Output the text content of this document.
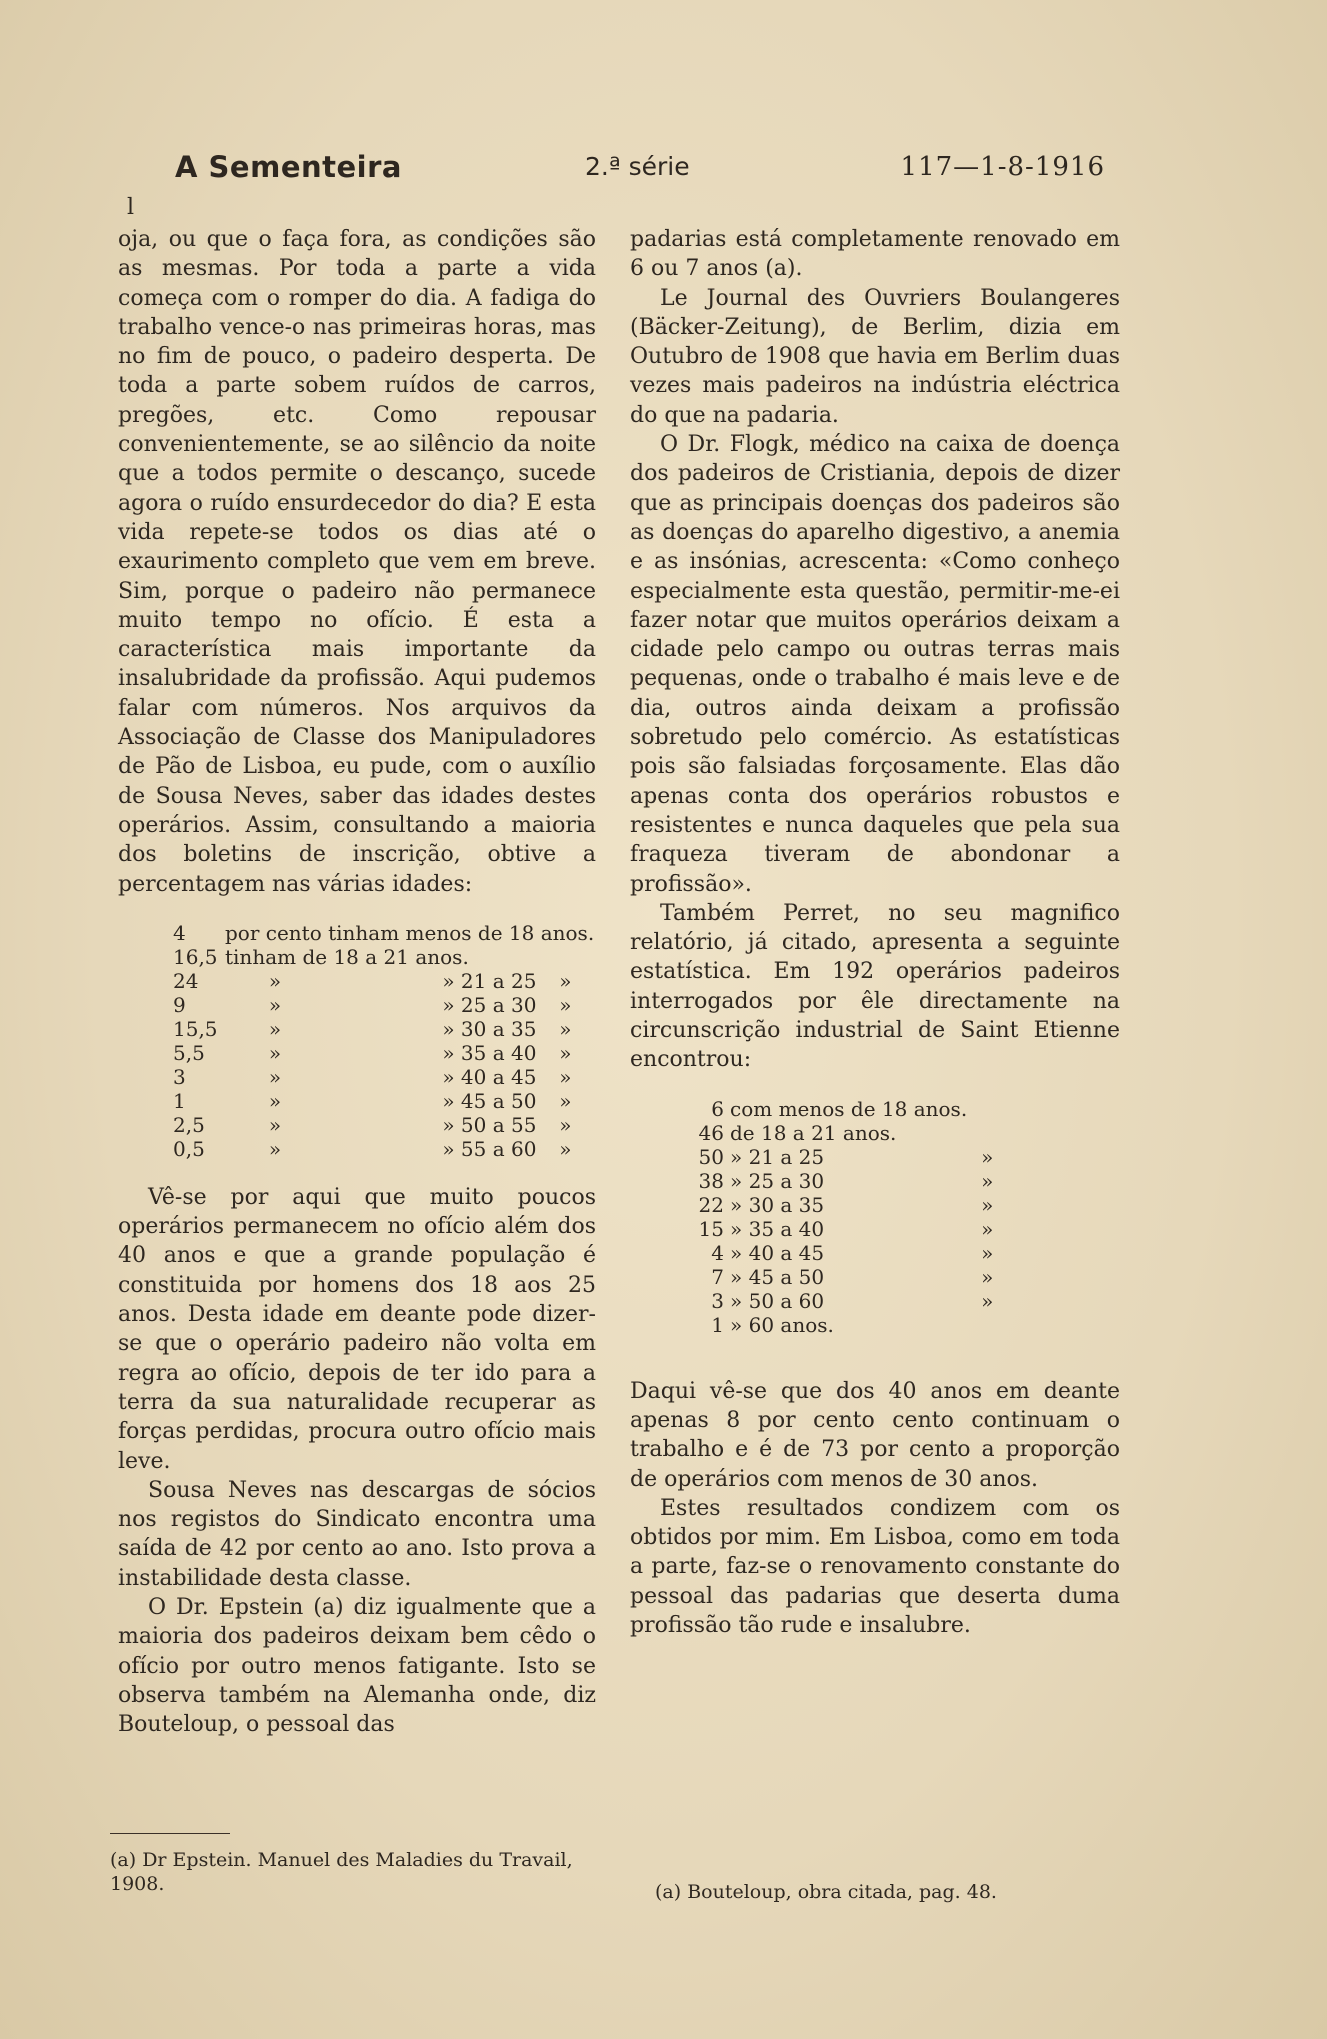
A Sementeira	2.ª série	117—1-8-1916
l

oja, ou que o faça fora, as condições são as mesmas. Por toda a parte a vida começa com o romper do dia. A fadiga do trabalho vence-o nas primeiras horas, mas no fim de pouco, o padeiro desperta. De toda a parte sobem ruídos de carros, pregões, etc. Como repousar convenientemente, se ao silêncio da noite que a todos permite o descanço, sucede agora o ruído ensurdecedor do dia? E esta vida repete-se todos os dias até o exaurimento completo que vem em breve. Sim, porque o padeiro não permanece muito tempo no ofício. É esta a característica mais importante da insalubridade da profissão. Aqui pudemos falar com números. Nos arquivos da Associação de Classe dos Manipuladores de Pão de Lisboa, eu pude, com o auxílio de Sousa Neves, saber das idades destes operários. Assim, consultando a maioria dos boletins de inscrição, obtive a percentagem nas várias idades:

4	por cento tinham menos de 18 anos.		
16,5	tinham de 18 a 21 anos.		
24	»	» 21 a 25	»
9	»	» 25 a 30	»
15,5	»	» 30 a 35	»
5,5	»	» 35 a 40	»
3	»	» 40 a 45	»
1	»	» 45 a 50	»
2,5	»	» 50 a 55	»
0,5	»	» 55 a 60	»

Vê-se por aqui que muito poucos operários permanecem no ofício além dos 40 anos e que a grande população é constituida por homens dos 18 aos 25 anos. Desta idade em deante pode dizer-se que o operário padeiro não volta em regra ao ofício, depois de ter ido para a terra da sua naturalidade recuperar as forças perdidas, procura outro ofício mais leve.

Sousa Neves nas descargas de sócios nos registos do Sindicato encontra uma saída de 42 por cento ao ano. Isto prova a instabilidade desta classe.

O Dr. Epstein (a) diz igualmente que a maioria dos padeiros deixam bem cêdo o ofício por outro menos fatigante. Isto se observa também na Alemanha onde, diz Bouteloup, o pessoal das

(a) Dr Epstein. Manuel des Maladies du Travail, 1908.

padarias está completamente renovado em 6 ou 7 anos (a).

Le Journal des Ouvriers Boulangeres (Bäcker-Zeitung), de Berlim, dizia em Outubro de 1908 que havia em Berlim duas vezes mais padeiros na indústria eléctrica do que na padaria.

O Dr. Flogk, médico na caixa de doença dos padeiros de Cristiania, depois de dizer que as principais doenças dos padeiros são as doenças do aparelho digestivo, a anemia e as insónias, acrescenta: «Como conheço especialmente esta questão, permitir-me-ei fazer notar que muitos operários deixam a cidade pelo campo ou outras terras mais pequenas, onde o trabalho é mais leve e de dia, outros ainda deixam a profissão sobretudo pelo comércio. As estatísticas pois são falsiadas forçosamente. Elas dão apenas conta dos operários robustos e resistentes e nunca daqueles que pela sua fraqueza tiveram de abondonar a profissão».

Também Perret, no seu magnifico relatório, já citado, apresenta a seguinte estatística. Em 192 operários padeiros interrogados por êle directamente na circunscrição industrial de Saint Etienne encontrou:

6	com menos de 18 anos.	
46	de 18 a 21 anos.	
50	» 21 a 25	»
38	» 25 a 30	»
22	» 30 a 35	»
15	» 35 a 40	»
4	» 40 a 45	»
7	» 45 a 50	»
3	» 50 a 60	»
1	» 60 anos.	

Daqui vê-se que dos 40 anos em deante apenas 8 por cento cento continuam o trabalho e é de 73 por cento a proporção de operários com menos de 30 anos.

Estes resultados condizem com os obtidos por mim. Em Lisboa, como em toda a parte, faz-se o renovamento constante do pessoal das padarias que deserta duma profissão tão rude e insalubre.

(a) Bouteloup, obra citada, pag. 48.
